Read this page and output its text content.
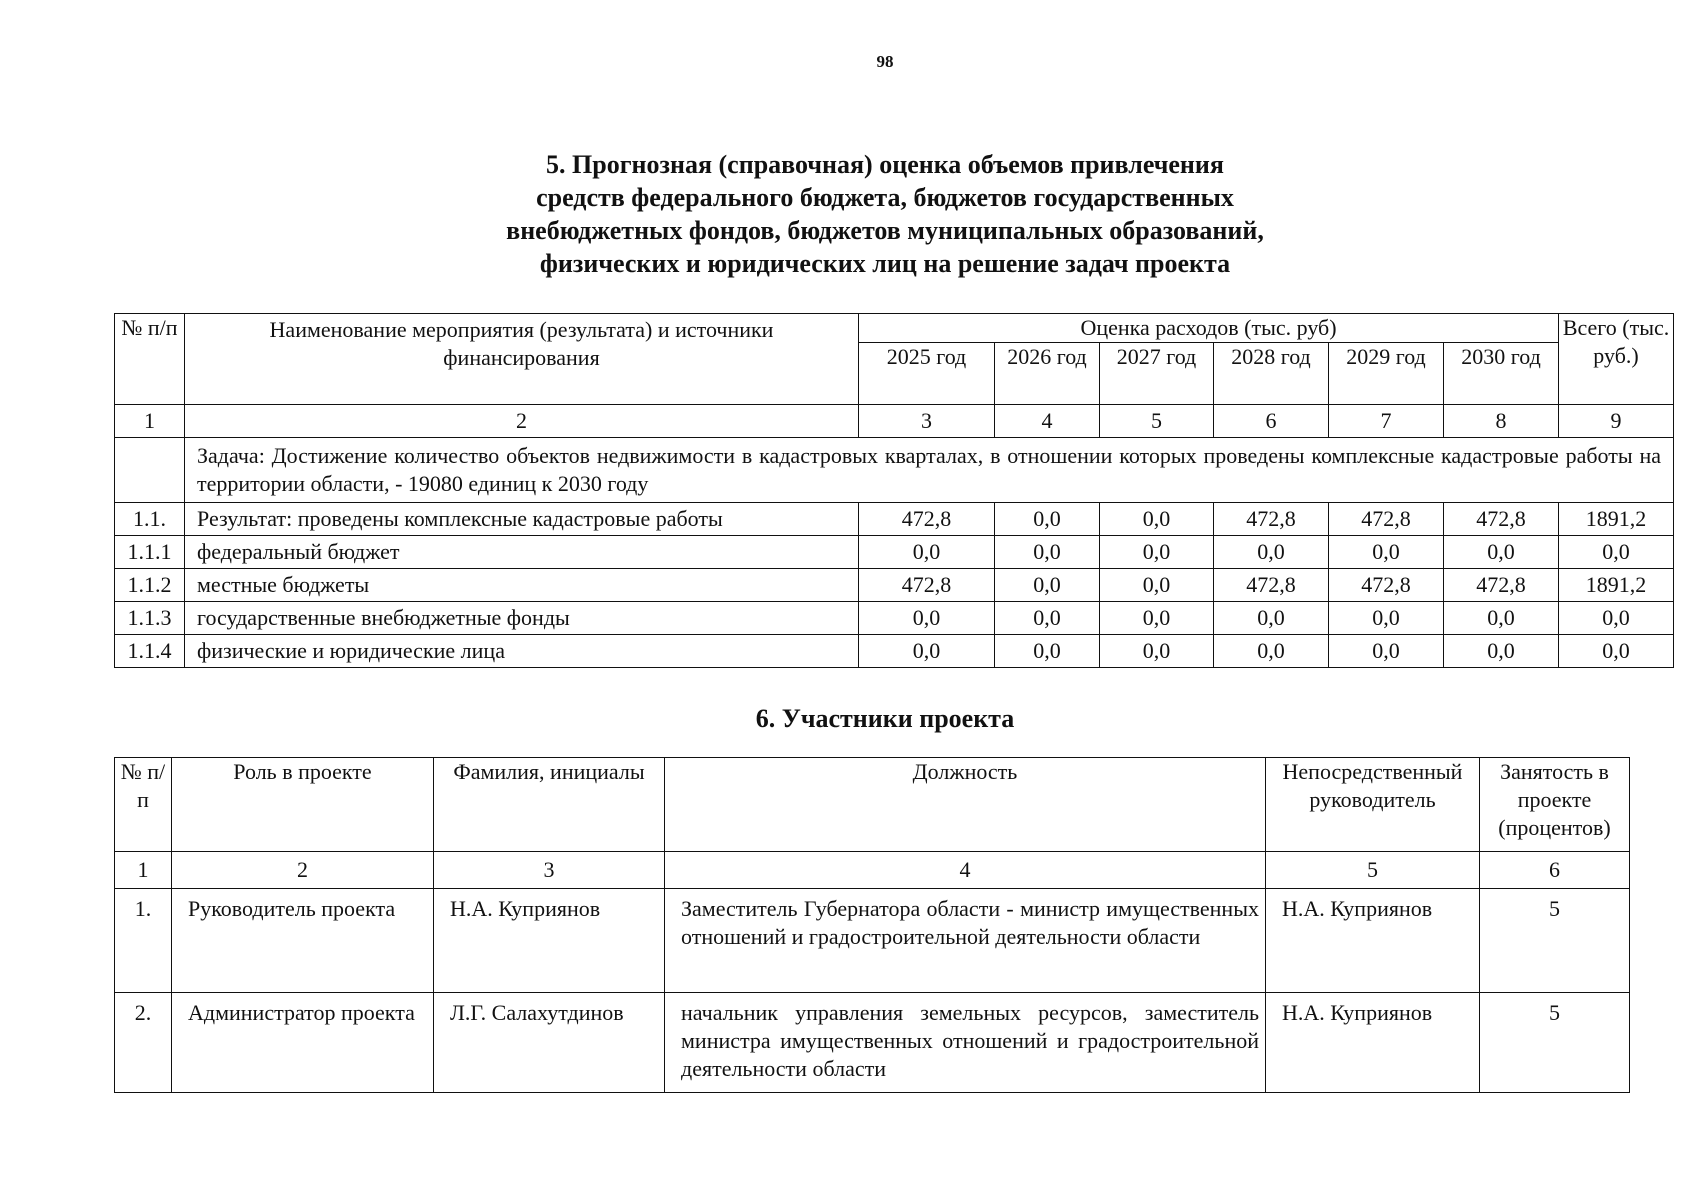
98
5. Прогнозная (справочная) оценка объемов привлечения
средств федерального бюджета, бюджетов государственных
внебюджетных фондов, бюджетов муниципальных образований,
физических и юридических лиц на решение задач проекта
№ п/п	Наименование мероприятия (результата) и источники финансирования	Оценка расходов (тыс. руб)						Всего (тыс. руб.)
		2025 год	2026 год	2027 год	2028 год	2029 год	2030 год	
1	2	3	4	5	6	7	8	9
	Задача: Достижение количество объектов недвижимости в кадастровых кварталах, в отношении которых проведены комплексные кадастровые работы на территории области, - 19080 единиц к 2030 году							
1.1.	Результат: проведены комплексные кадастровые работы	472,8	0,0	0,0	472,8	472,8	472,8	1891,2
1.1.1	федеральный бюджет	0,0	0,0	0,0	0,0	0,0	0,0	0,0
1.1.2	местные бюджеты	472,8	0,0	0,0	472,8	472,8	472,8	1891,2
1.1.3	государственные внебюджетные фонды	0,0	0,0	0,0	0,0	0,0	0,0	0,0
1.1.4	физические и юридические лица	0,0	0,0	0,0	0,0	0,0	0,0	0,0
6. Участники проекта
№ п/п	Роль в проекте	Фамилия, инициалы	Должность	Непосредственный руководитель	Занятость в проекте (процентов)
1	2	3	4	5	6
1.	Руководитель проекта	Н.А. Куприянов	Заместитель Губернатора области - министр имущественных отношений и градостроительной деятельности области	Н.А. Куприянов	5
2.	Администратор проекта	Л.Г. Салахутдинов	начальник управления земельных ресурсов, заместитель министра имущественных отношений и градостроительной деятельности области	Н.А. Куприянов	5
